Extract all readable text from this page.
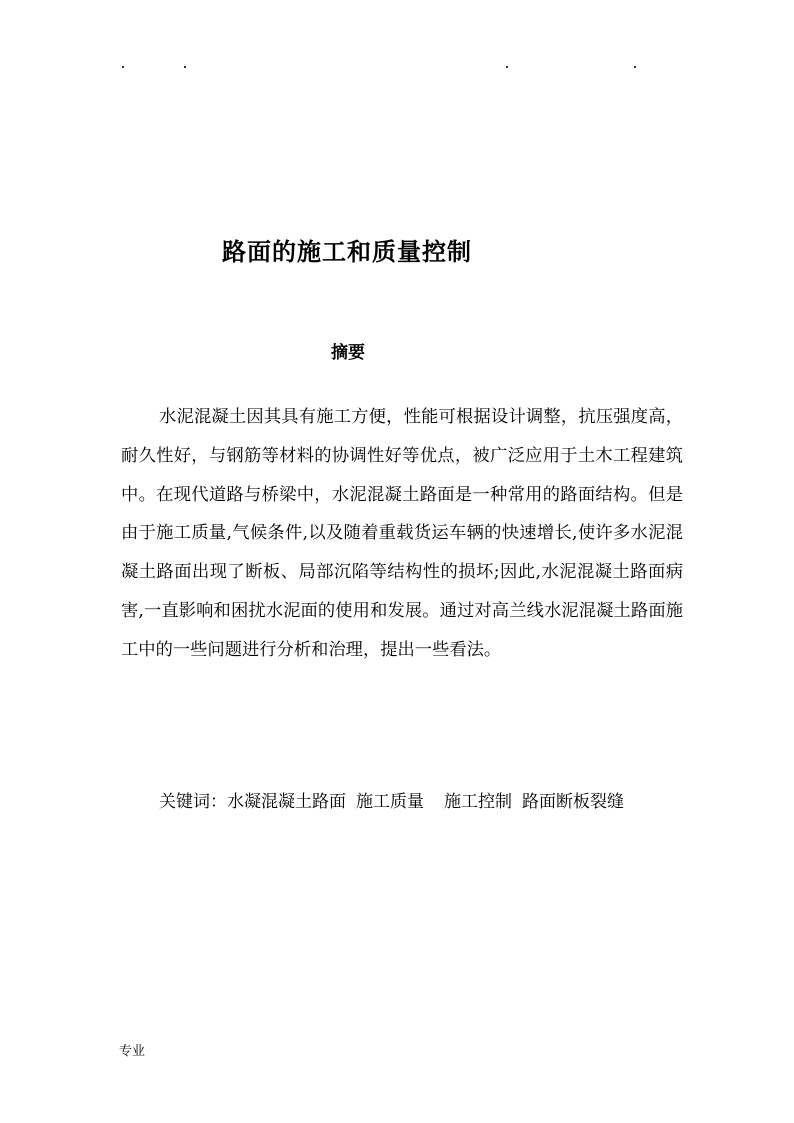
路面的施工和质量控制
摘要
水泥混凝土因其具有施工方便，性能可根据设计调整，抗压强度高，耐久性好，与钢筋等材料的协调性好等优点，被广泛应用于土木工程建筑中。在现代道路与桥梁中，水泥混凝土路面是一种常用的路面结构。但是由于施工质量,气候条件,以及随着重载货运车辆的快速增长,使许多水泥混凝土路面出现了断板、局部沉陷等结构性的损坏;因此,水泥混凝土路面病害,一直影响和困扰水泥面的使用和发展。通过对高兰线水泥混凝土路面施工中的一些问题进行分析和治理，提出一些看法。
关键词：水凝混凝土路面 施工质量 施工控制 路面断板裂缝
专业
